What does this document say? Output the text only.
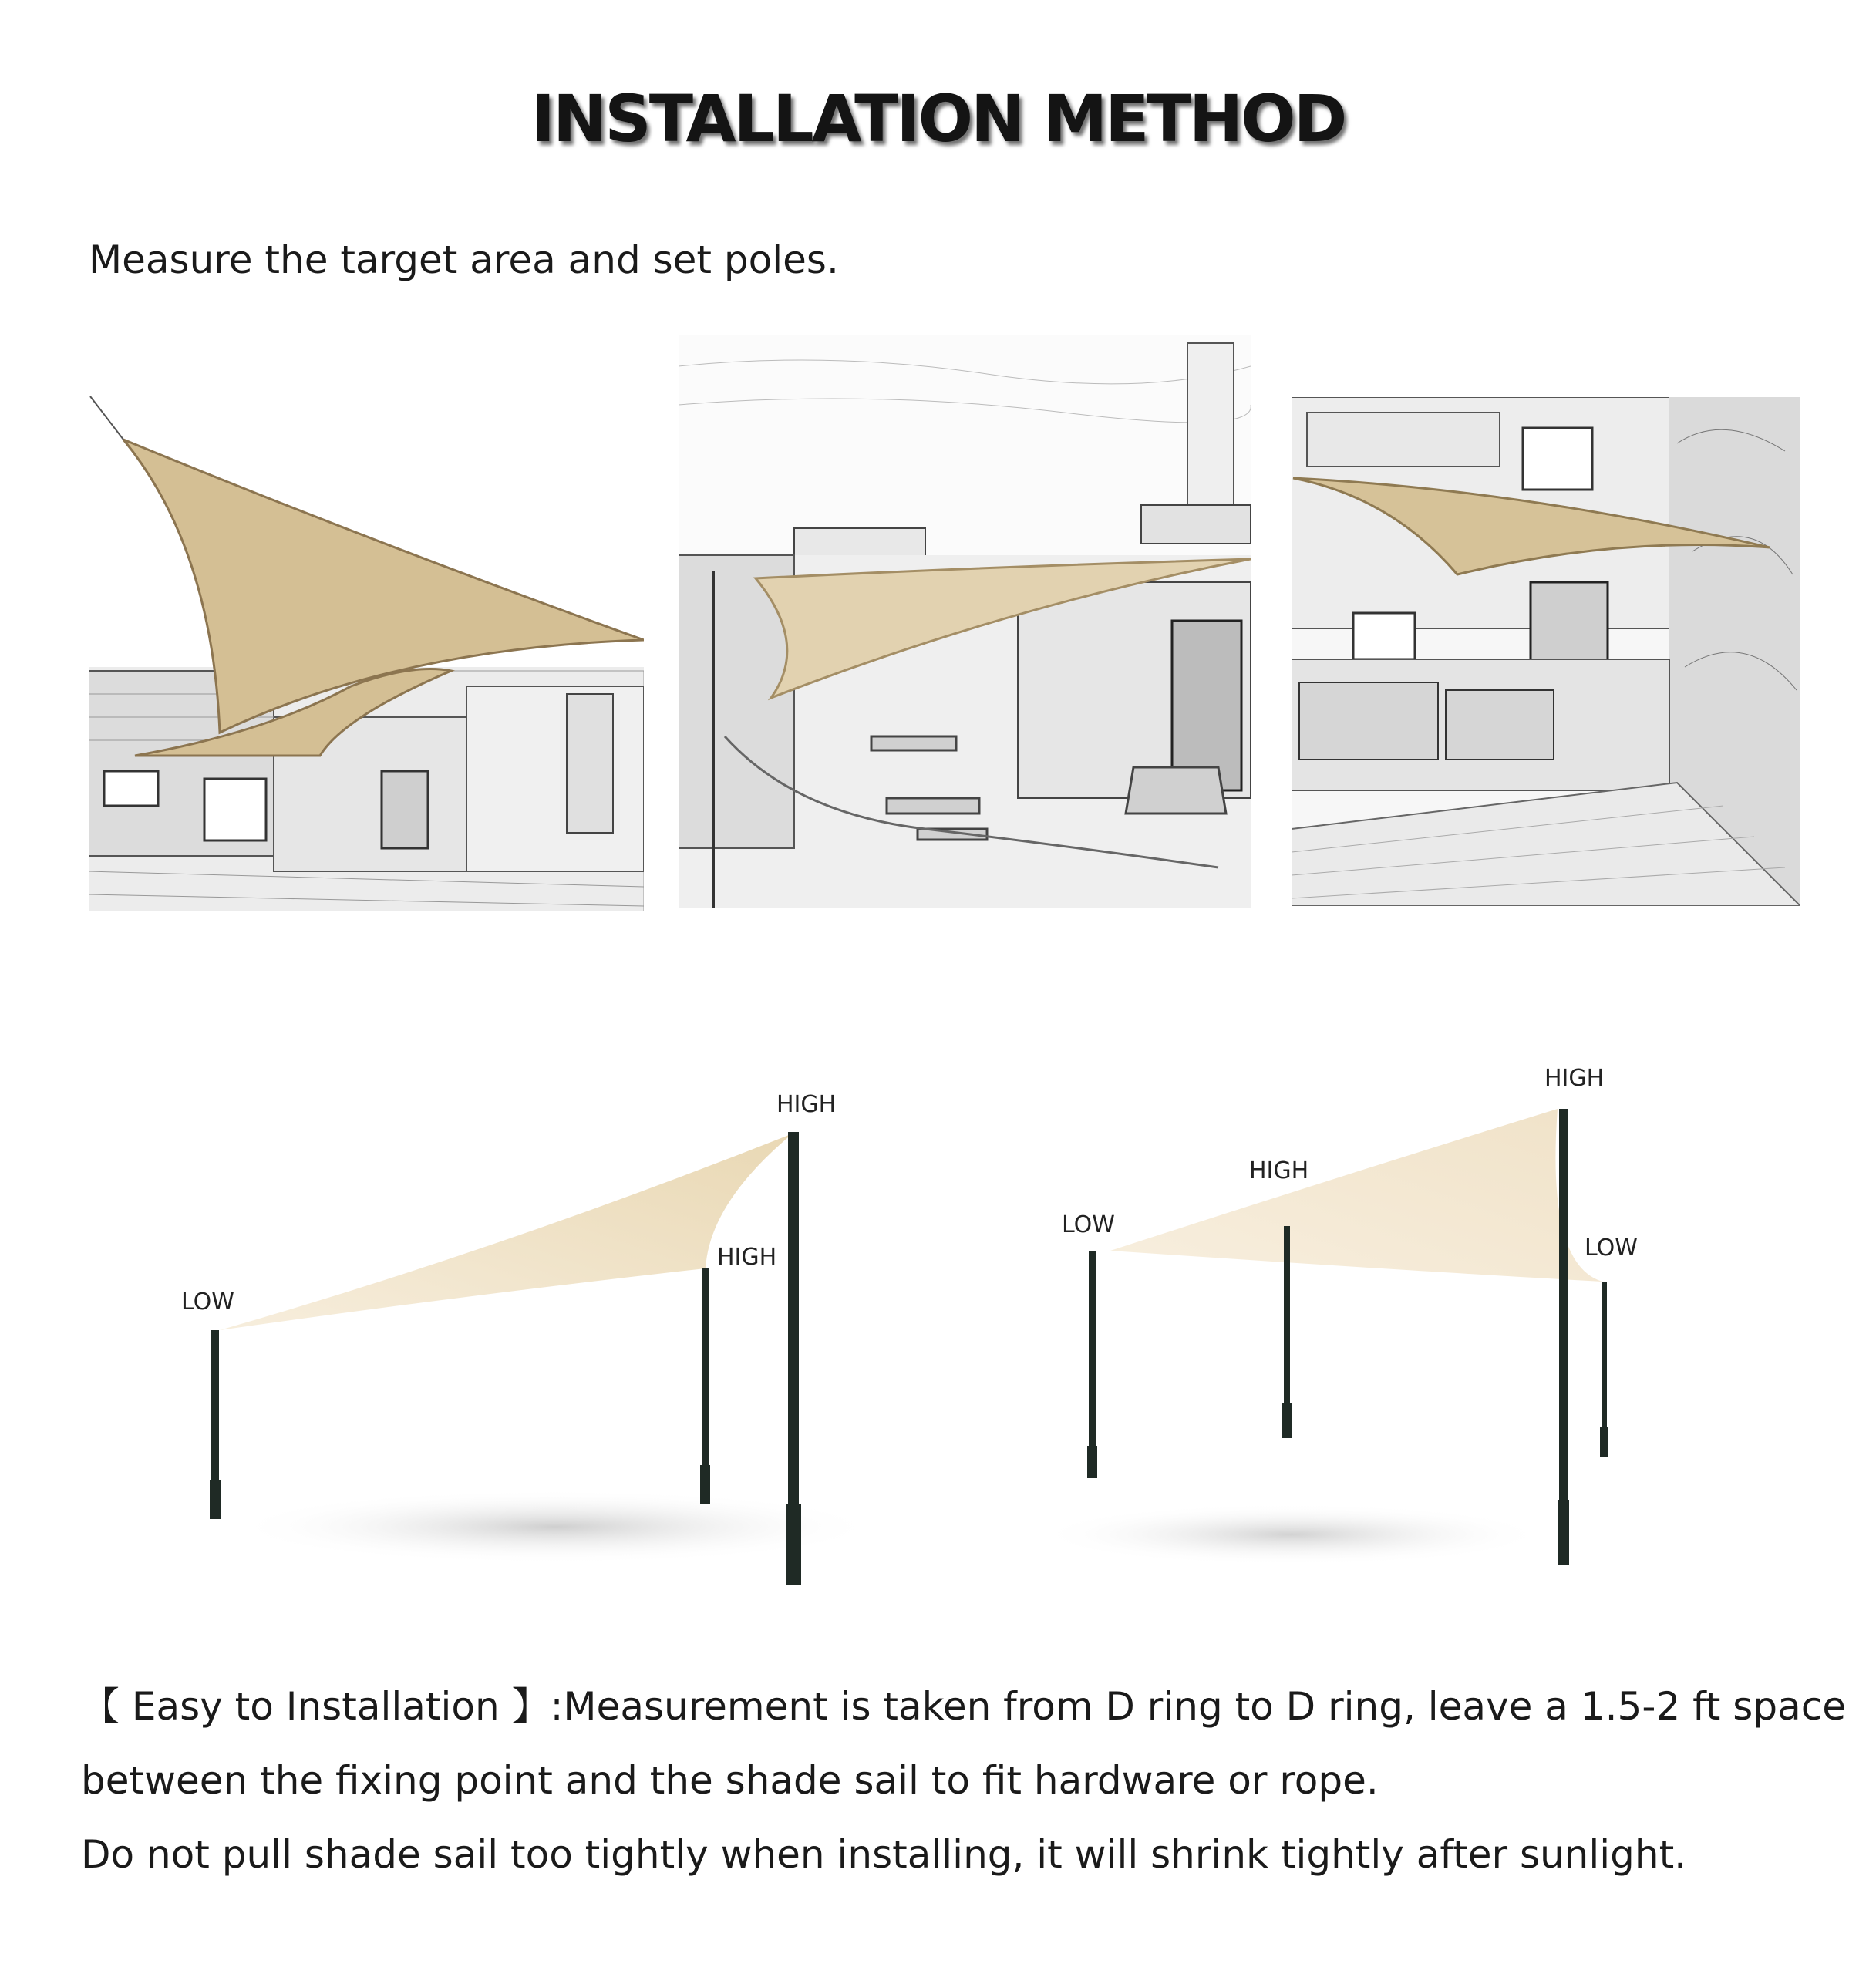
INSTALLATION METHOD
Measure the target area and set poles.
LOW
HIGH
HIGH
LOW
HIGH
HIGH
LOW

【 Easy to Installation 】:Measurement is taken from D ring to D ring, leave a 1.5-2 ft space

between the fixing point and the shade sail to fit hardware or rope.

Do not pull shade sail too tightly when installing, it will shrink tightly after sunlight.
